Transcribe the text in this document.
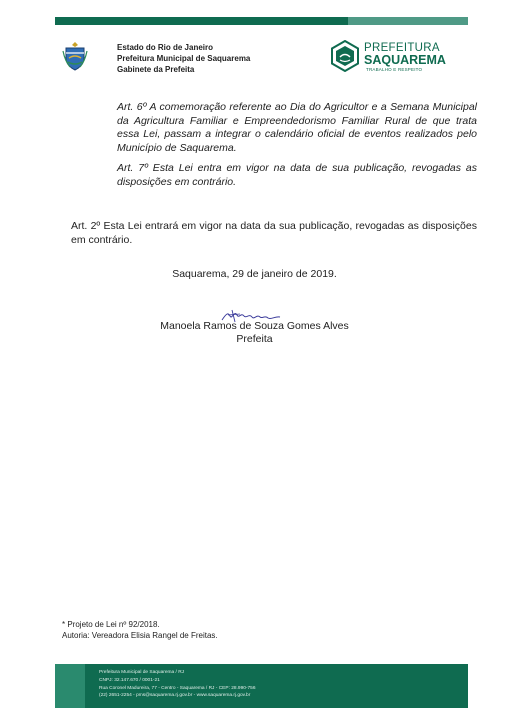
Estado do Rio de Janeiro
Prefeitura Municipal de Saquarema
Gabinete da Prefeita
PREFEITURA
SAQUAREMA
TRABALHO E RESPEITO
Art. 6º A comemoração referente ao Dia do Agricultor e a Semana Municipal da Agricultura Familiar e Empreendedorismo Familiar Rural de que trata essa Lei, passam a integrar o calendário oficial de eventos realizados pelo Município de Saquarema.
Art. 7º Esta Lei entra em vigor na data de sua publicação, revogadas as disposições em contrário.
Art. 2º Esta Lei entrará em vigor na data da sua publicação, revogadas as disposições em contrário.
Saquarema, 29 de janeiro de 2019.
Manoela Ramos de Souza Gomes Alves
Prefeita
* Projeto de Lei nº 92/2018.
Autoria: Vereadora Elisia Rangel de Freitas.
Prefeitura Municipal de Saquarema / RJ
CNPJ: 32.147.670 / 0001-21
Rua Coronel Madureira, 77 - Centro - Saquarema / RJ - CEP: 28.990-756
(22) 2651-2254 - pms@saquarema.rj.gov.br - www.saquarema.rj.gov.br
